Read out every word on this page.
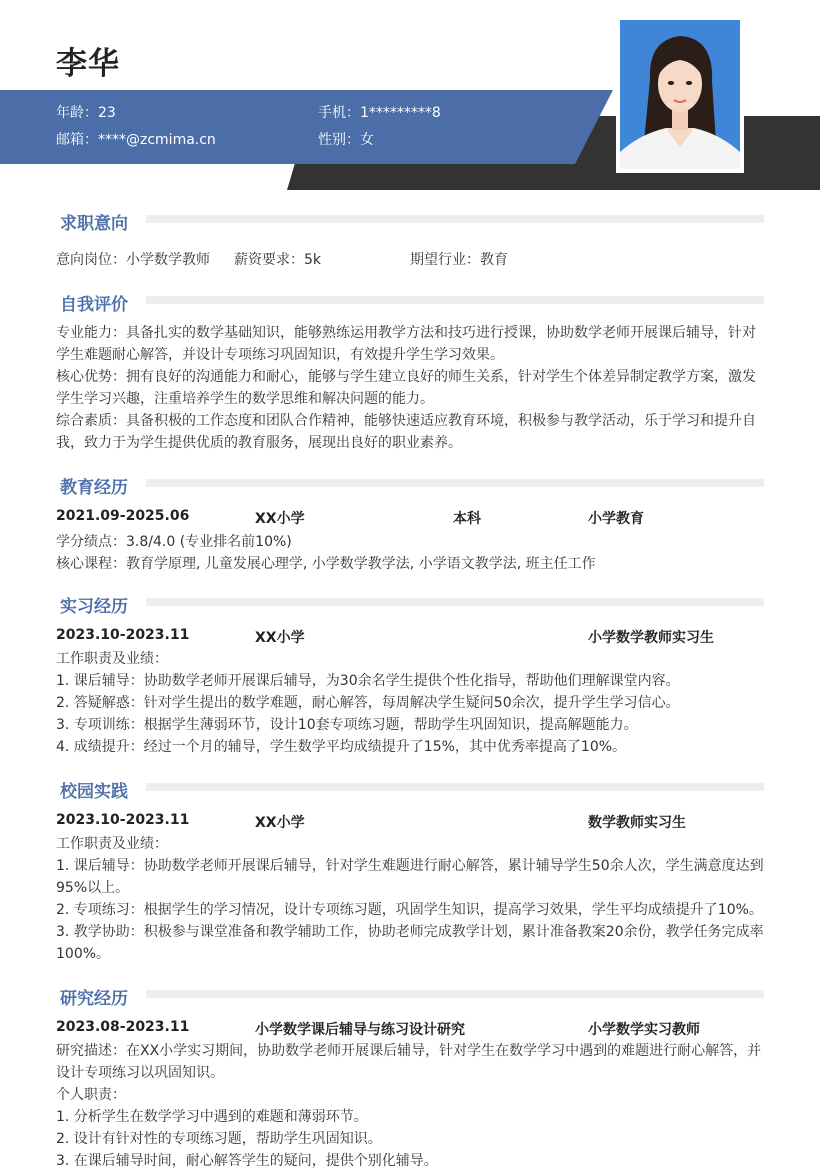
李华
年龄：23	手机：1*********8
邮箱：****@zcmima.cn	性别：女
求职意向
意向岗位：小学数学教师 薪资要求：5k	期望行业：教育
自我评价

专业能力：具备扎实的数学基础知识，能够熟练运用教学方法和技巧进行授课，协助数学老师开展课后辅导，针对学生难题耐心解答，并设计专项练习巩固知识，有效提升学生学习效果。

核心优势：拥有良好的沟通能力和耐心，能够与学生建立良好的师生关系，针对学生个体差异制定教学方案，激发学生学习兴趣，注重培养学生的数学思维和解决问题的能力。

综合素质：具备积极的工作态度和团队合作精神，能够快速适应教育环境，积极参与教学活动，乐于学习和提升自我，致力于为学生提供优质的教育服务，展现出良好的职业素养。

教育经历
2021.09-2025.06	XX小学	本科	小学教育
学分绩点：3.8/4.0 (专业排名前10%)
核心课程：教育学原理, 儿童发展心理学, 小学数学教学法, 小学语文教学法, 班主任工作
实习经历
2023.10-2023.11	XX小学	小学数学教师实习生

工作职责及业绩：

1. 课后辅导：协助数学老师开展课后辅导，为30余名学生提供个性化指导，帮助他们理解课堂内容。

2. 答疑解惑：针对学生提出的数学难题，耐心解答，每周解决学生疑问50余次，提升学生学习信心。

3. 专项训练：根据学生薄弱环节，设计10套专项练习题，帮助学生巩固知识，提高解题能力。

4. 成绩提升：经过一个月的辅导，学生数学平均成绩提升了15%，其中优秀率提高了10%。

校园实践
2023.10-2023.11	XX小学	数学教师实习生

工作职责及业绩：

1. 课后辅导：协助数学老师开展课后辅导，针对学生难题进行耐心解答，累计辅导学生50余人次，学生满意度达到95%以上。

2. 专项练习：根据学生的学习情况，设计专项练习题，巩固学生知识，提高学习效果，学生平均成绩提升了10%。

3. 教学协助：积极参与课堂准备和教学辅助工作，协助老师完成教学计划，累计准备教案20余份，教学任务完成率100%。

研究经历
2023.08-2023.11	小学数学课后辅导与练习设计研究	小学数学实习教师

研究描述：在XX小学实习期间，协助数学老师开展课后辅导，针对学生在数学学习中遇到的难题进行耐心解答，并设计专项练习以巩固知识。

个人职责：

1. 分析学生在数学学习中遇到的难题和薄弱环节。

2. 设计有针对性的专项练习题，帮助学生巩固知识。

3. 在课后辅导时间，耐心解答学生的疑问，提供个别化辅导。
